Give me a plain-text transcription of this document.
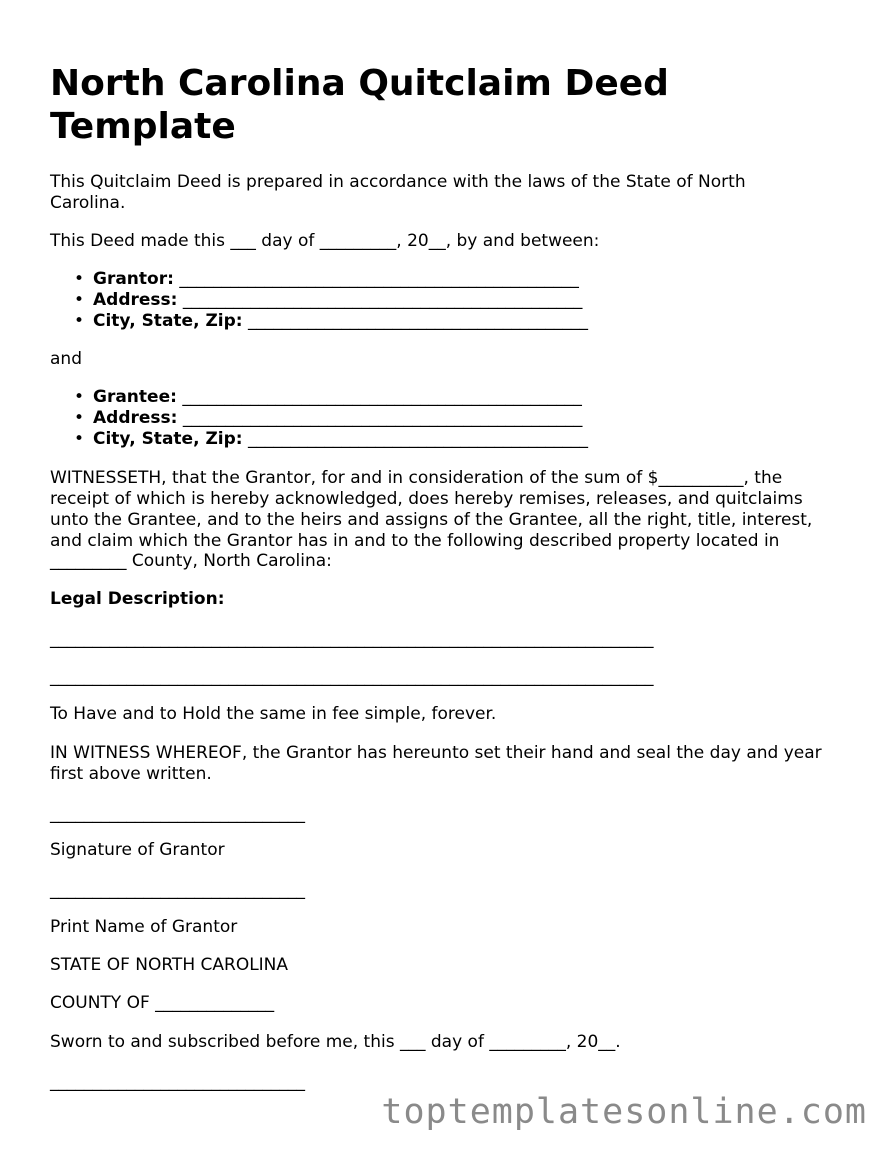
North Carolina Quitclaim Deed Template

This Quitclaim Deed is prepared in accordance with the laws of the State of North

Carolina.

This Deed made this ___ day of _________, 20__, by and between:

• Grantor: _______________________________________________
• Address: _______________________________________________
• City, State, Zip: ________________________________________

and

• Grantee: _______________________________________________
• Address: _______________________________________________
• City, State, Zip: ________________________________________

WITNESSETH, that the Grantor, for and in consideration of the sum of $__________, the

receipt of which is hereby acknowledged, does hereby remises, releases, and quitclaims

unto the Grantee, and to the heirs and assigns of the Grantee, all the right, title, interest,

and claim which the Grantor has in and to the following described property located in

_________ County, North Carolina:

Legal Description:

_______________________________________________________________________

_______________________________________________________________________

To Have and to Hold the same in fee simple, forever.

IN WITNESS WHEREOF, the Grantor has hereunto set their hand and seal the day and year

first above written.

______________________________

Signature of Grantor

______________________________

Print Name of Grantor

STATE OF NORTH CAROLINA

COUNTY OF ______________

Sworn to and subscribed before me, this ___ day of _________, 20__.

______________________________

toptemplatesonline.com
